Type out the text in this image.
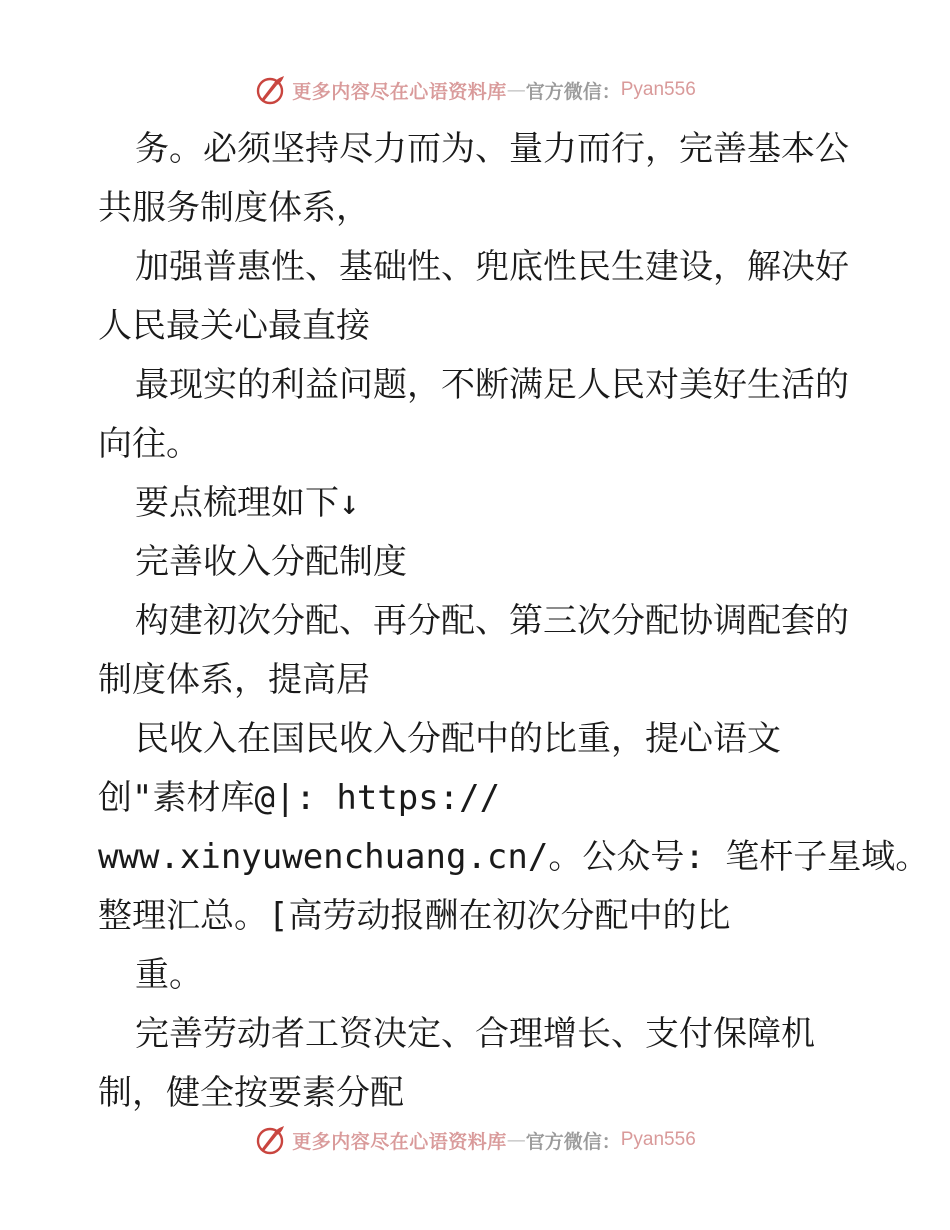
更多内容尽在心语资料库 — 官方微信： Pyan556
务。必须坚持尽力而为、量力而行，完善基本公
共服务制度体系，
加强普惠性、基础性、兜底性民生建设，解决好
人民最关心最直接
最现实的利益问题，不断满足人民对美好生活的
向往。
要点梳理如下↓
完善收入分配制度
构建初次分配、再分配、第三次分配协调配套的
制度体系，提高居
民收入在国民收入分配中的比重，提心语文
创"素材库@|: https://
www.xinyuwenchuang.cn/。公众号: 笔杆子星域。
整理汇总。[高劳动报酬在初次分配中的比
重。
完善劳动者工资决定、合理增长、支付保障机
制，健全按要素分配
更多内容尽在心语资料库 — 官方微信： Pyan556
